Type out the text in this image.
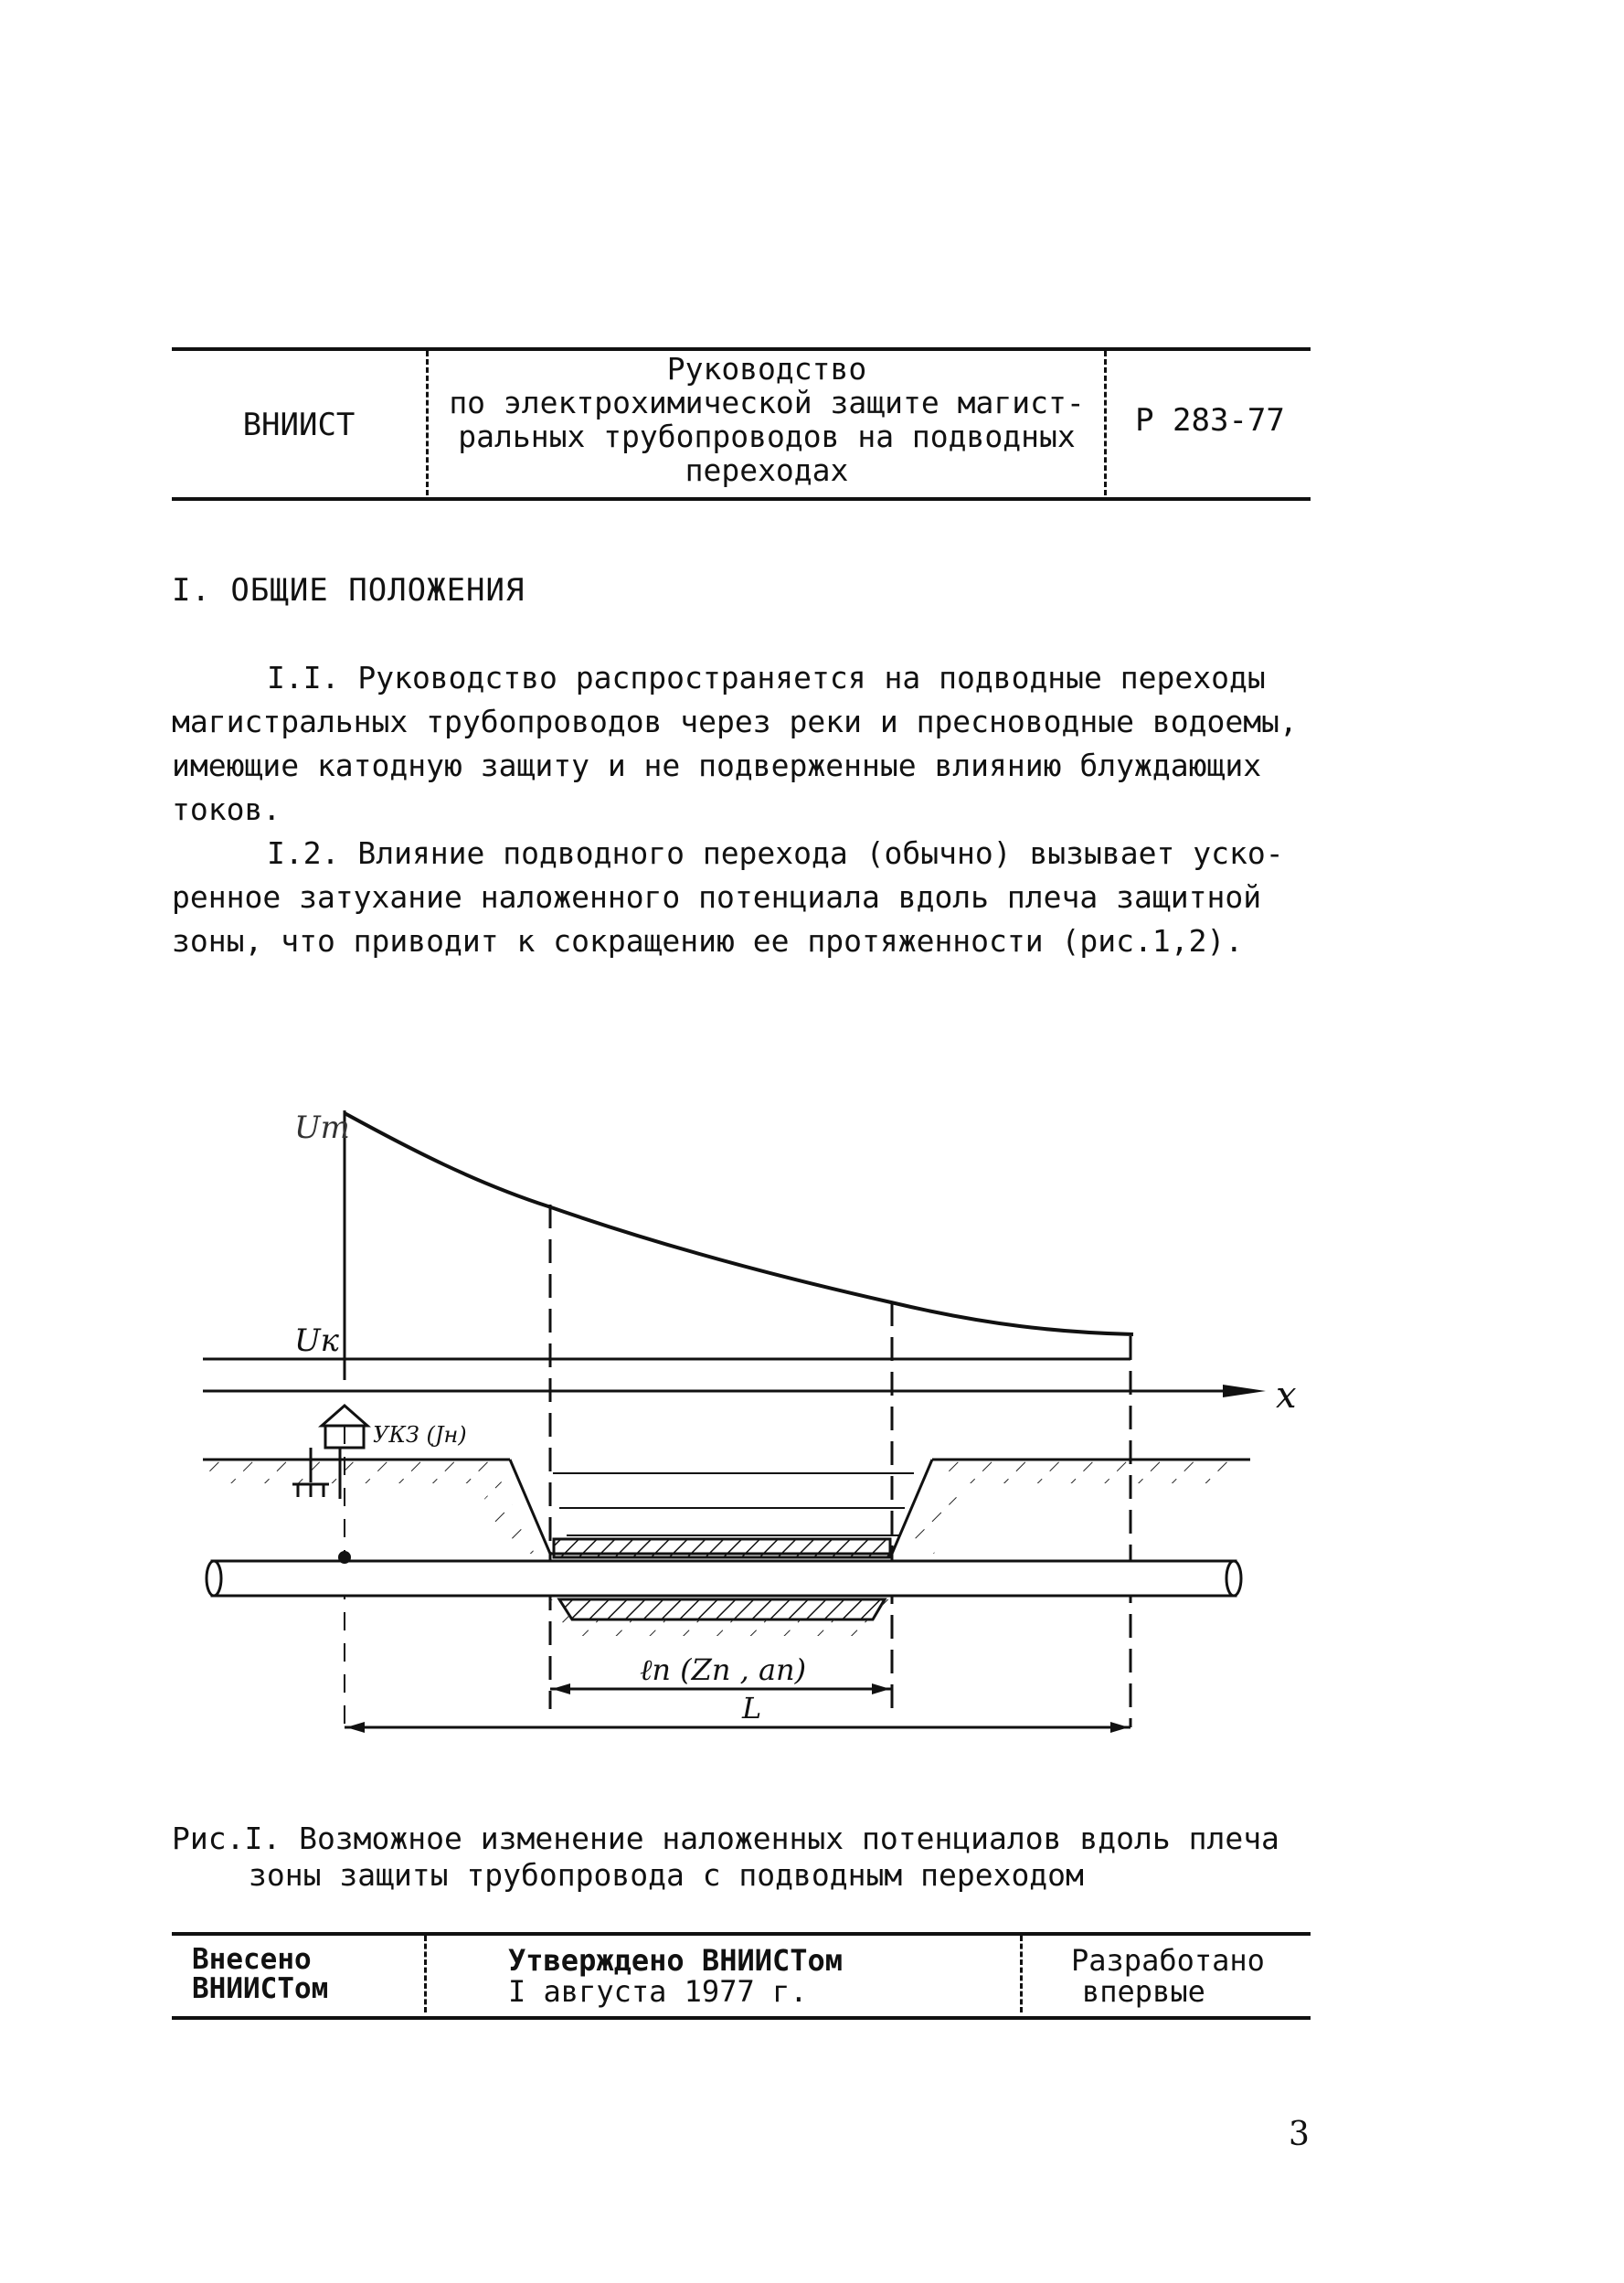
ВНИИСТ
Руководство
по электрохимической защите магист-
ральных трубопроводов на подводных
переходах
Р 283-77
I. ОБЩИЕ ПОЛОЖЕНИЯ
I.I. Руководство распространяется на подводные переходы
магистральных трубопроводов через реки и пресноводные водоемы,
имеющие катодную защиту и не подверженные влиянию блуждающих
токов.
I.2. Влияние подводного перехода (обычно) вызывает уско-
ренное затухание наложенного потенциала вдоль плеча защитной
зоны, что приводит к сокращению ее протяженности (рис.1,2).
Uт
Uк
x
УКЗ (Jн)
ℓп (Zп , aп)
L
Рис.I. Возможное изменение наложенных потенциалов вдоль плеча
зоны защиты трубопровода с подводным переходом
Внесено
ВНИИСТом
Утверждено ВНИИСТом
I августа 1977 г.
Разработано
впервые
3
